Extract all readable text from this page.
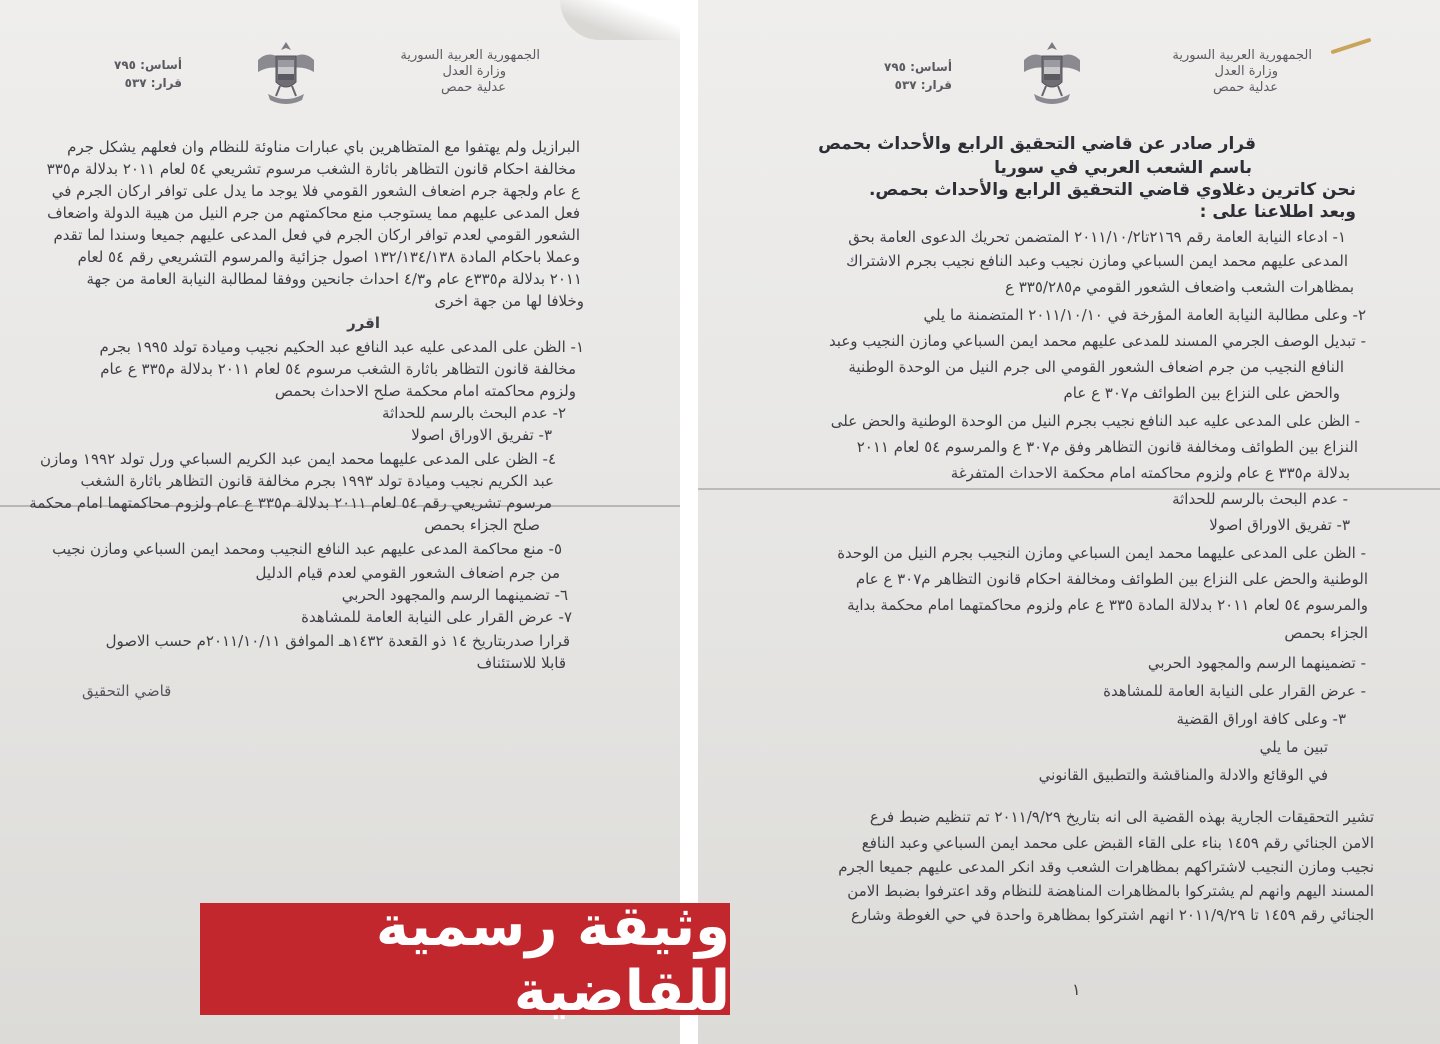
الجمهورية العربية السورية
وزارة العدل
عدلية حمص
أساس: ٧٩٥
قرار: ٥٣٧
البرازيل ولم يهتفوا مع المتظاهرين باي عبارات مناوئة للنظام وان فعلهم يشكل جرم
مخالفة احكام قانون التظاهر باثارة الشغب مرسوم تشريعي ٥٤ لعام ٢٠١١ بدلالة م٣٣٥
ع عام ولجهة جرم اضعاف الشعور القومي فلا يوجد ما يدل على توافر اركان الجرم في
فعل المدعى عليهم مما يستوجب منع محاكمتهم من جرم النيل من هيبة الدولة واضعاف
الشعور القومي لعدم توافر اركان الجرم في فعل المدعى عليهم جميعا وسندا لما تقدم
وعملا باحكام المادة ١٣٢/١٣٤/١٣٨ اصول جزائية والمرسوم التشريعي رقم ٥٤ لعام
٢٠١١ بدلالة م٣٣٥ع عام و٤/٣ احداث جانحين ووفقا لمطالبة النيابة العامة من جهة
وخلافا لها من جهة اخرى
اقرر
١- الظن على المدعى عليه عبد النافع عبد الحكيم نجيب وميادة تولد ١٩٩٥ بجرم
مخالفة قانون التظاهر باثارة الشغب مرسوم ٥٤ لعام ٢٠١١ بدلالة م٣٣٥ ع عام
ولزوم محاكمته امام محكمة صلح الاحداث بحمص
٢- عدم البحث بالرسم للحداثة
٣- تفريق الاوراق اصولا
٤- الظن على المدعى عليهما محمد ايمن عبد الكريم السباعي ورل تولد ١٩٩٢ ومازن
عبد الكريم نجيب وميادة تولد ١٩٩٣ بجرم مخالفة قانون التظاهر باثارة الشغب
مرسوم تشريعي رقم ٥٤ لعام ٢٠١١ بدلالة م٣٣٥ ع عام ولزوم محاكمتهما امام محكمة
صلح الجزاء بحمص
٥- منع محاكمة المدعى عليهم عبد النافع النجيب ومحمد ايمن السباعي ومازن نجيب
من جرم اضعاف الشعور القومي لعدم قيام الدليل
٦- تضمينهما الرسم والمجهود الحربي
٧- عرض القرار على النيابة العامة للمشاهدة
قرارا صدربتاريخ ١٤ ذو القعدة ١٤٣٢هـ الموافق ٢٠١١/١٠/١١م حسب الاصول
قابلا للاستئناف
قاضي التحقيق
الجمهورية العربية السورية
وزارة العدل
عدلية حمص
أساس: ٧٩٥
قرار: ٥٣٧
قرار صادر عن قاضي التحقيق الرابع والأحداث بحمص
باسم الشعب العربي في سوريا
نحن كاترين دغلاوي قاضي التحقيق الرابع والأحداث بحمص.
وبعد اطلاعنا على :
١- ادعاء النيابة العامة رقم ٢١٦٩تا٢٠١١/١٠/٢ المتضمن تحريك الدعوى العامة بحق
المدعى عليهم محمد ايمن السباعي ومازن نجيب وعبد النافع نجيب بجرم الاشتراك
بمظاهرات الشعب واضعاف الشعور القومي م٣٣٥/٢٨٥ ع
٢- وعلى مطالبة النيابة العامة المؤرخة في ٢٠١١/١٠/١٠ المتضمنة ما يلي
- تبديل الوصف الجرمي المسند للمدعى عليهم محمد ايمن السباعي ومازن النجيب وعبد
النافع النجيب من جرم اضعاف الشعور القومي الى جرم النيل من الوحدة الوطنية
والحض على النزاع بين الطوائف م٣٠٧ ع عام
- الظن على المدعى عليه عبد النافع نجيب بجرم النيل من الوحدة الوطنية والحض على
النزاع بين الطوائف ومخالفة قانون التظاهر وفق م٣٠٧ ع والمرسوم ٥٤ لعام ٢٠١١
بدلالة م٣٣٥ ع عام ولزوم محاكمته امام محكمة الاحداث المتفرغة
- عدم البحث بالرسم للحداثة
٣- تفريق الاوراق اصولا
- الظن على المدعى عليهما محمد ايمن السباعي ومازن النجيب بجرم النيل من الوحدة
الوطنية والحض على النزاع بين الطوائف ومخالفة احكام قانون التظاهر م٣٠٧ ع عام
والمرسوم ٥٤ لعام ٢٠١١ بدلالة المادة ٣٣٥ ع عام ولزوم محاكمتهما امام محكمة بداية
الجزاء بحمص
- تضمينهما الرسم والمجهود الحربي
- عرض القرار على النيابة العامة للمشاهدة
٣- وعلى كافة اوراق القضية
تبين ما يلي
في الوقائع والادلة والمناقشة والتطبيق القانوني
تشير التحقيقات الجارية بهذه القضية الى انه بتاريخ ٢٠١١/٩/٢٩ تم تنظيم ضبط فرع
الامن الجنائي رقم ١٤٥٩ بناء على القاء القبض على محمد ايمن السباعي وعبد النافع
نجيب ومازن النجيب لاشتراكهم بمظاهرات الشعب وقد انكر المدعى عليهم جميعا الجرم
المسند اليهم وانهم لم يشتركوا بالمظاهرات المناهضة للنظام وقد اعترفوا بضبط الامن
الجنائي رقم ١٤٥٩ تا ٢٠١١/٩/٢٩ انهم اشتركوا بمظاهرة واحدة في حي الغوطة وشارع
١
وثيقة رسمية للقاضية
